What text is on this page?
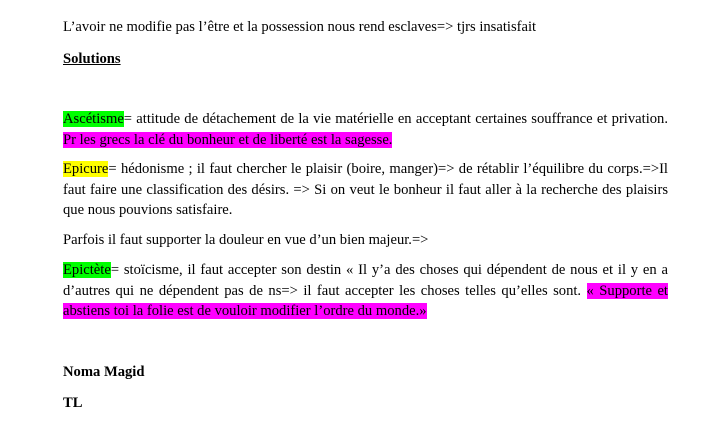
L’avoir ne modifie pas l’être et la possession nous rend esclaves=> tjrs insatisfait

Solutions

Ascétisme= attitude de détachement de la vie matérielle en acceptant certaines souffrance et privation. Pr les grecs la clé du bonheur et de liberté est la sagesse.

Epicure= hédonisme ; il faut chercher le plaisir (boire, manger)=> de rétablir l’équilibre du corps.=>Il faut faire une classification des désirs. => Si on veut le bonheur il faut aller à la recherche des plaisirs que nous pouvions satisfaire.

Parfois il faut supporter la douleur en vue d’un bien majeur.=>

Epictète= stoïcisme, il faut accepter son destin « Il y’a des choses qui dépendent de nous et il y en a d’autres qui ne dépendent pas de ns=> il faut accepter les choses telles qu’elles sont. « Supporte et abstiens toi la folie est de vouloir modifier l’ordre du monde.»

Noma Magid

TL
